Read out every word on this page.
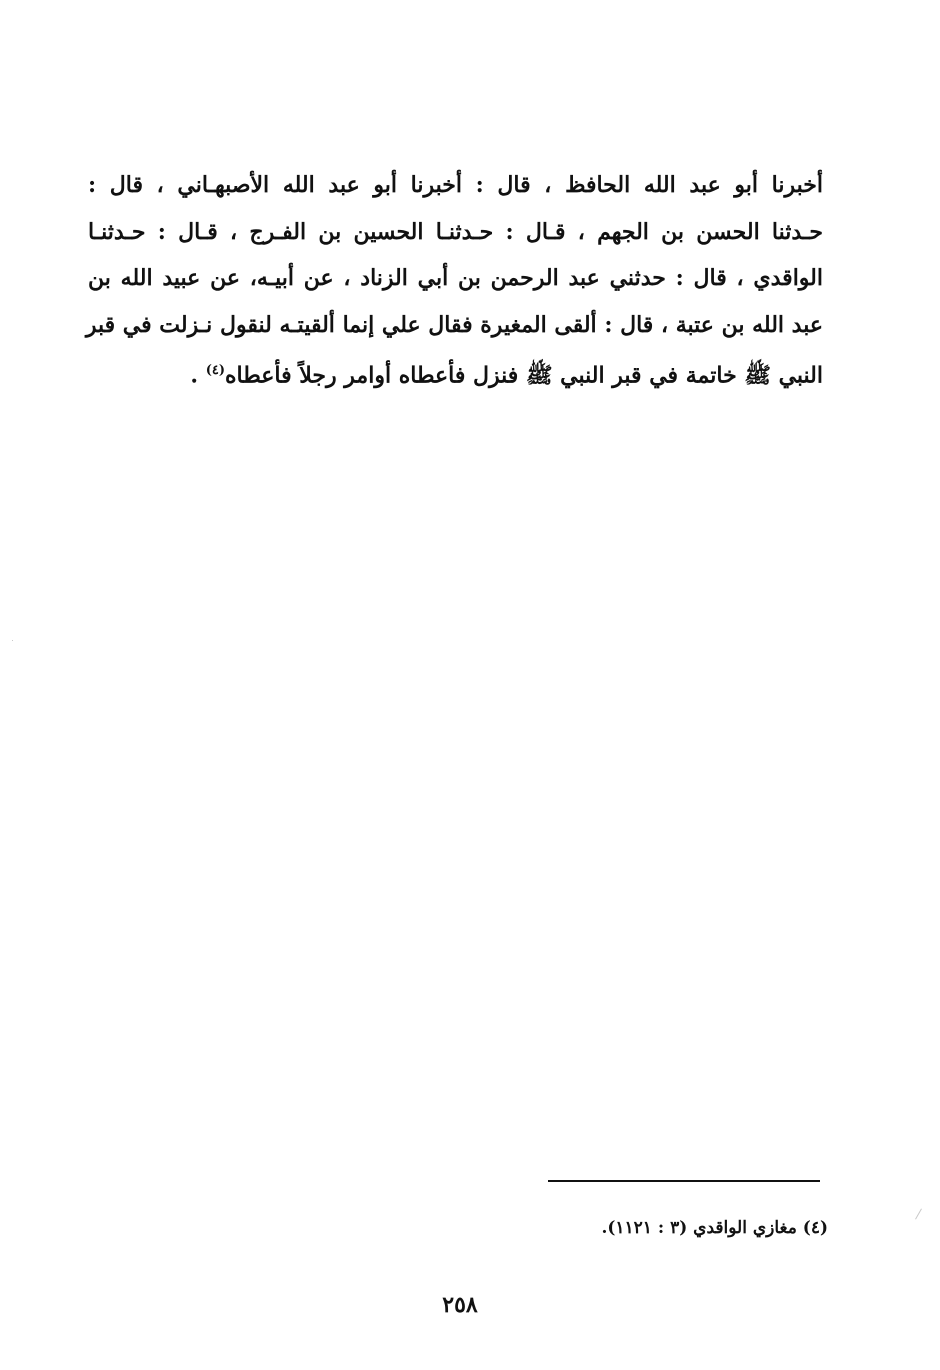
أخبرنا أبو عبد الله الحافظ ، قال : أخبرنا أبو عبد الله الأصبهـاني ، قال :
حـدثنا الحسن بن الجهم ، قـال : حـدثنـا الحسين بن الفـرج ، قـال : حـدثنـا
الواقدي ، قال : حدثني عبد الرحمن بن أبي الزناد ، عن أبيـه، عن عبيد الله بن
عبد الله بن عتبة ، قال : ألقى المغيرة فقال علي إنما ألقيتـه لنقول نـزلت في قبر
النبي ﷺ خاتمة في قبر النبي ﷺ فنزل فأعطاه أوامر رجلاً فأعطاه$^{(٤)}$ .
(٤) مغازي الواقدي (٣ : ١١٢١).
٢٥٨
